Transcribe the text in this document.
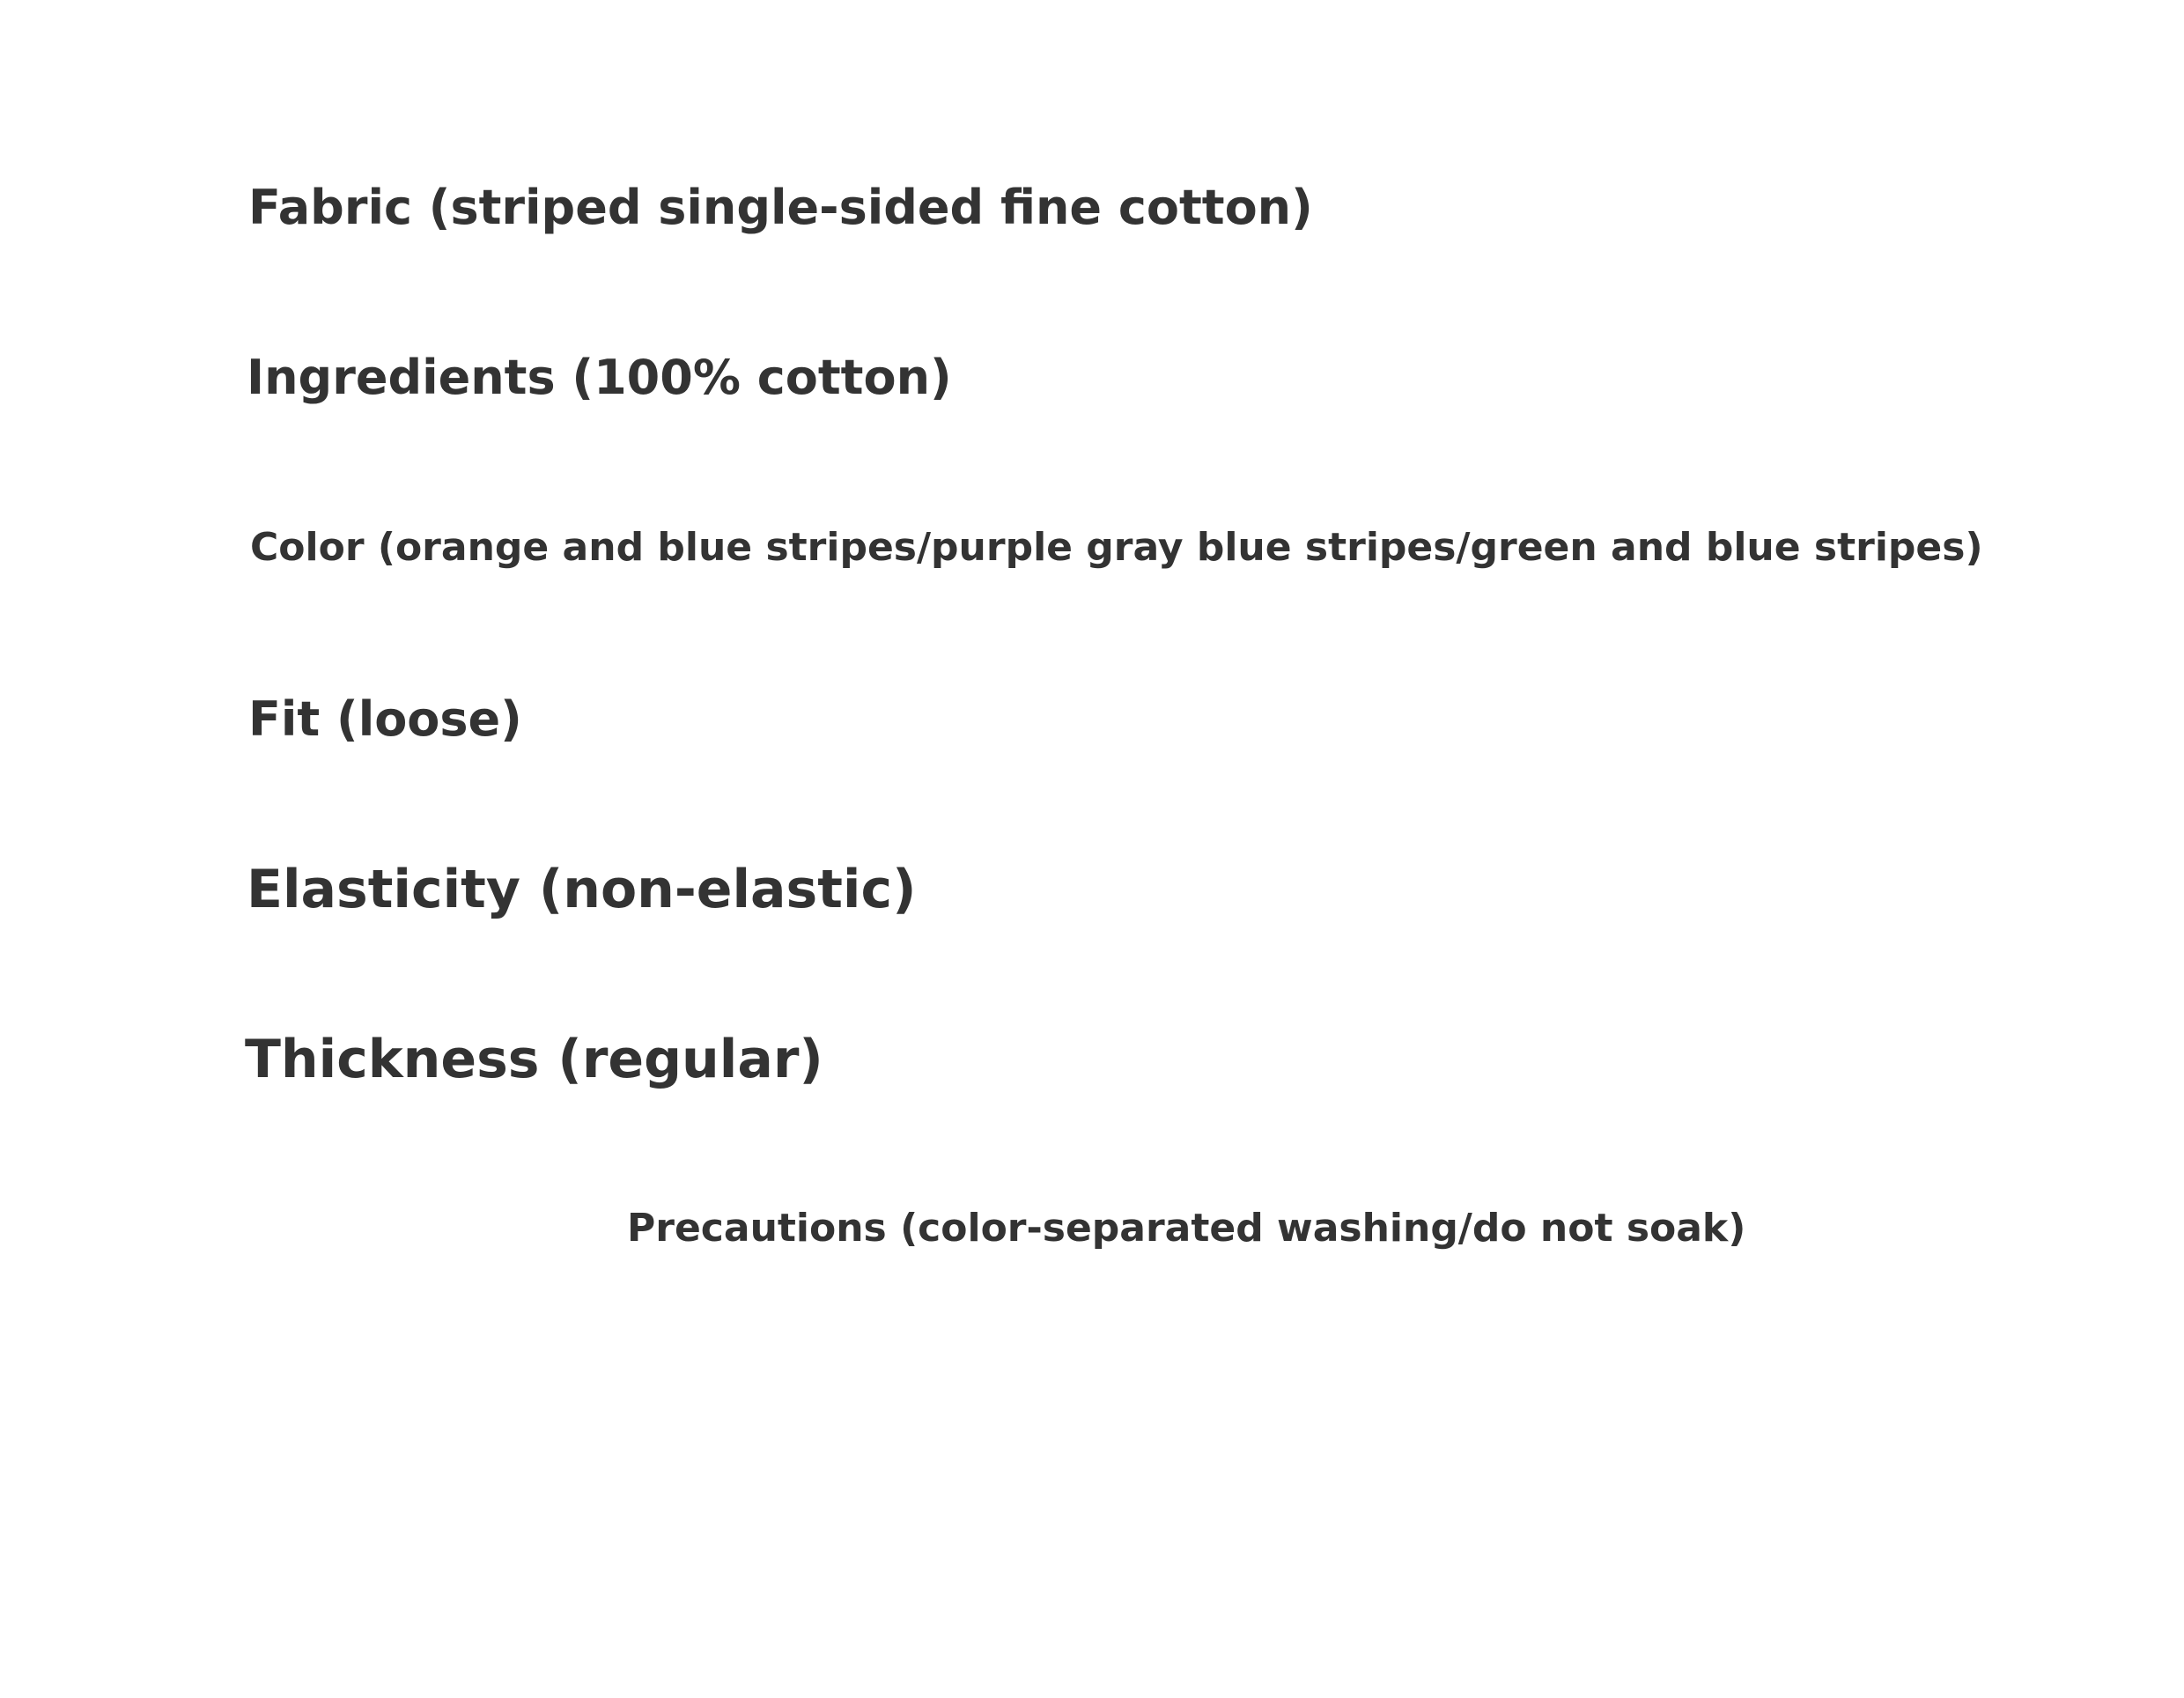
Fabric (striped single-sided fine cotton)

Ingredients (100% cotton)

Color (orange and blue stripes/purple gray blue stripes/green and blue stripes)

Fit (loose)

Elasticity (non-elastic)

Thickness (regular)

Precautions (color-separated washing/do not soak)
